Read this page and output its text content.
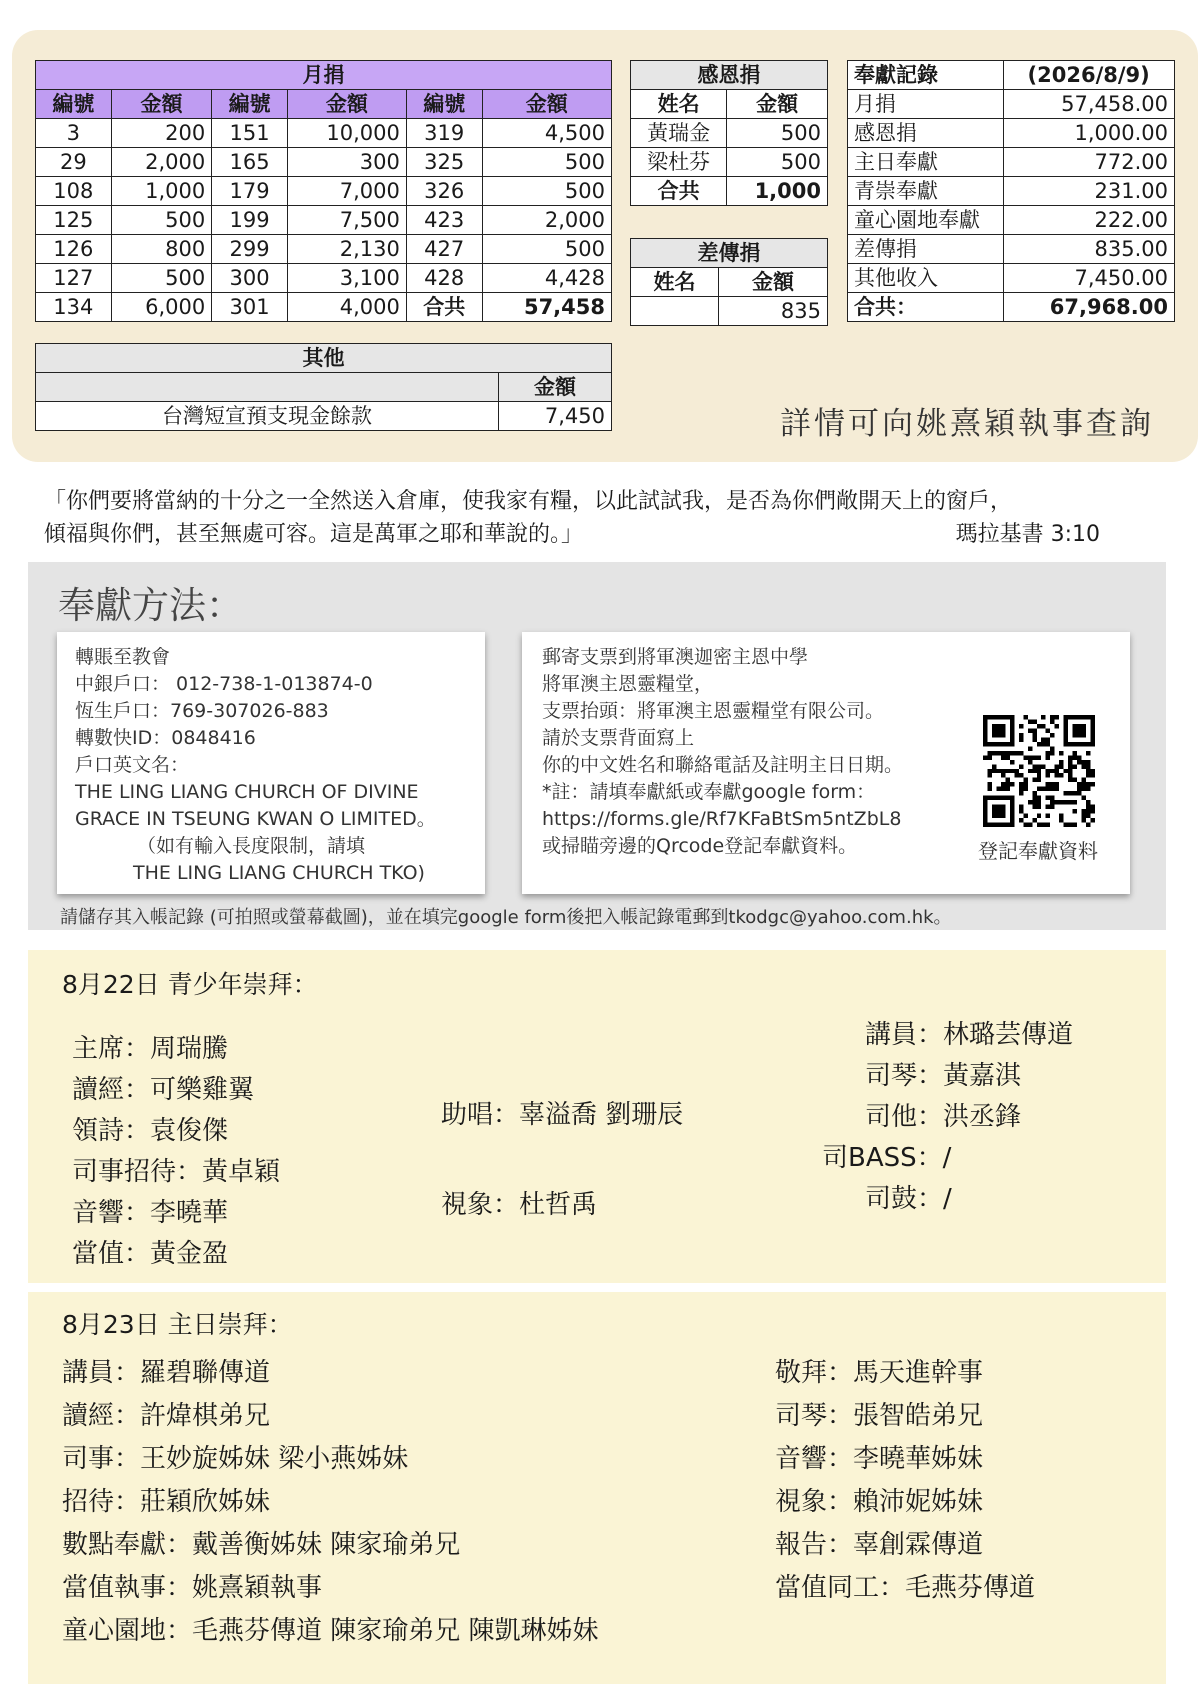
月捐					
編號	金額	編號	金額	編號	金額
3	200	151	10,000	319	4,500
29	2,000	165	300	325	500
108	1,000	179	7,000	326	500
125	500	199	7,500	423	2,000
126	800	299	2,130	427	500
127	500	300	3,100	428	4,428
134	6,000	301	4,000	合共	57,458
感恩捐	
姓名	金額
黃瑞金	500
梁杜芬	500
合共	1,000
差傳捐	
姓名	金額
	835
奉獻記錄	(2026/8/9)
月捐	57,458.00
感恩捐	1,000.00
主日奉獻	772.00
青崇奉獻	231.00
童心園地奉獻	222.00
差傳捐	835.00
其他收入	7,450.00
合共：	67,968.00
其他	
	金額
台灣短宣預支現金餘款	7,450	詳情可向姚熹穎執事查詢
「你們要將當納的十分之一全然送入倉庫，使我家有糧，以此試試我，是否為你們敞開天上的窗戶，
傾福與你們，甚至無處可容。這是萬軍之耶和華說的。」	瑪拉基書 3:10
奉獻方法：
轉賬至教會
中銀戶口： 012-738-1-013874-0
恆生戶口：769-307026-883
轉數快ID：0848416
戶口英文名：
THE LING LIANG CHURCH OF DIVINE
GRACE IN TSEUNG KWAN O LIMITED。
（如有輸入長度限制，請填
THE LING LIANG CHURCH TKO)
郵寄支票到將軍澳迦密主恩中學
將軍澳主恩靈糧堂，
支票抬頭：將軍澳主恩靈糧堂有限公司。
請於支票背面寫上
你的中文姓名和聯絡電話及註明主日日期。
*註：請填奉獻紙或奉獻google form：
https://forms.gle/Rf7KFaBtSm5ntZbL8
或掃瞄旁邊的Qrcode登記奉獻資料。	登記奉獻資料
請儲存其入帳記錄 (可拍照或螢幕截圖)，並在填完google form後把入帳記錄電郵到tkodgc@yahoo.com.hk。
8月22日 青少年崇拜：
主席：周瑞騰
讀經：可樂雞翼
領詩：袁俊傑
司事招待：黃卓穎
音響：李曉華
當值：黃金盈
助唱：辜溢喬 劉珊辰
視象：杜哲禹
講員：林璐芸傳道
司琴：黃嘉淇
司他：洪丞鋒
司BASS：/
司鼓：/
8月23日 主日崇拜：
講員：羅碧聯傳道
讀經：許煒棋弟兄
司事：王妙旋姊妹 梁小燕姊妹
招待：莊穎欣姊妹
數點奉獻：戴善衡姊妹 陳家瑜弟兄
當值執事：姚熹穎執事
童心園地：毛燕芬傳道 陳家瑜弟兄 陳凱琳姊妹
敬拜：馬天進幹事
司琴：張智皓弟兄
音響：李曉華姊妹
視象：賴沛妮姊妹
報告：辜創霖傳道
當值同工：毛燕芬傳道
